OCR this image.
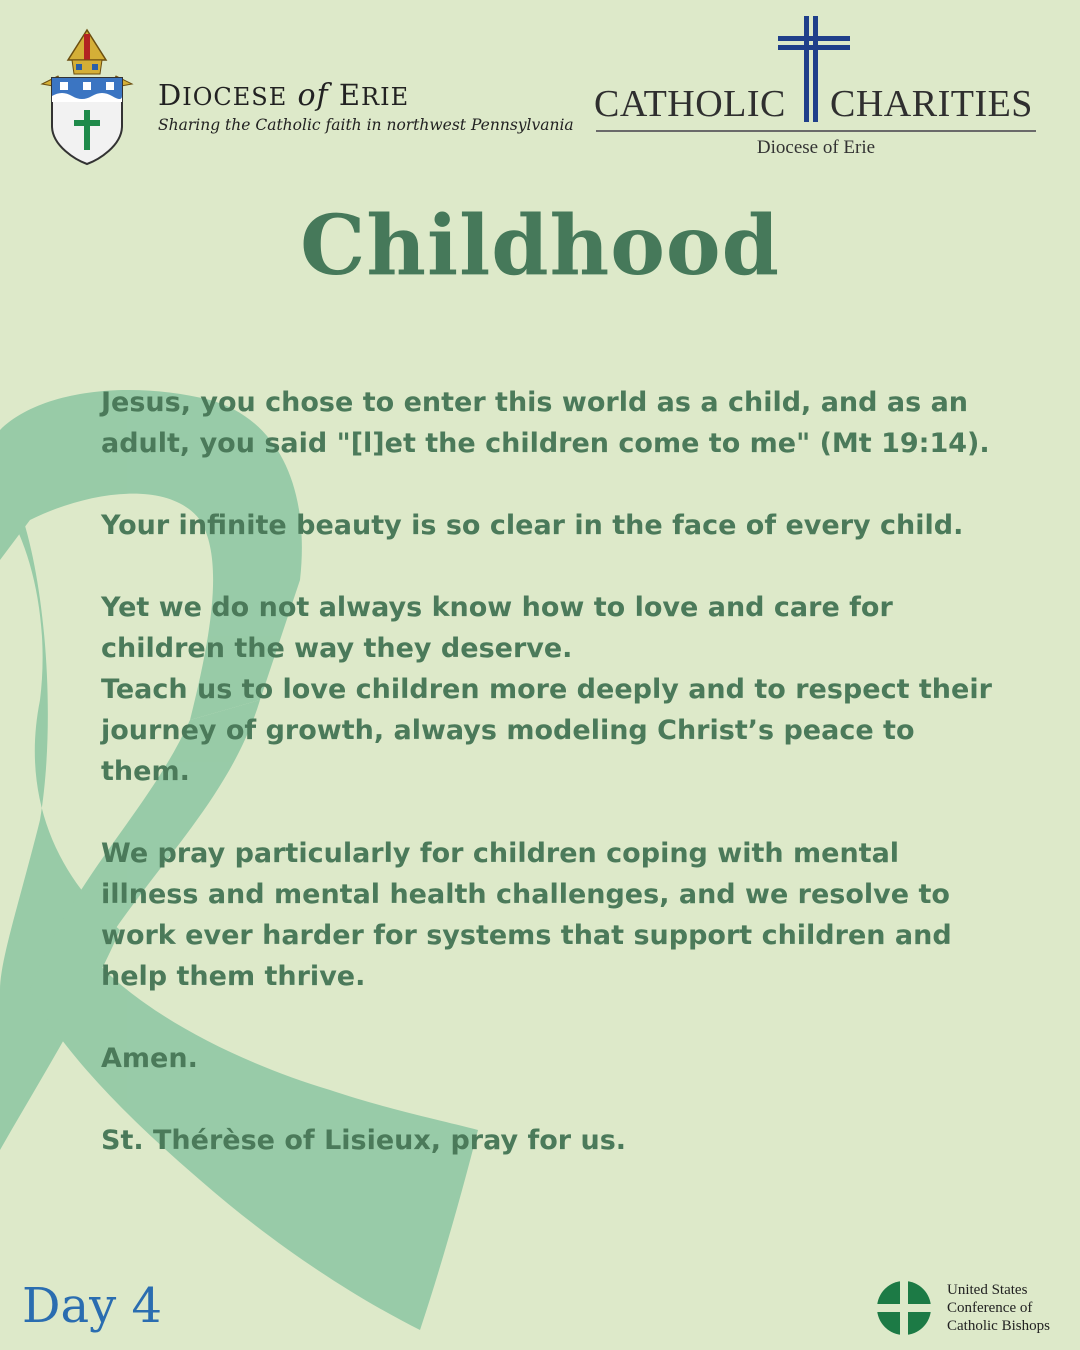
DIOCESE of ERIE
Sharing the Catholic faith in northwest Pennsylvania CATHOLIC CHARITIES
Diocese of Erie
Childhood

Jesus, you chose to enter this world as a child, and as an adult, you said "[l]et the children come to me" (Mt 19:14).

Your infinite beauty is so clear in the face of every child.

Yet we do not always know how to love and care for children the way they deserve.

Teach us to love children more deeply and to respect their journey of growth, always modeling Christ’s peace to them.

We pray particularly for children coping with mental illness and mental health challenges, and we resolve to work ever harder for systems that support children and help them thrive.

Amen.

St. Thérèse of Lisieux, pray for us.

Day 4	United States
Conference of
Catholic Bishops
